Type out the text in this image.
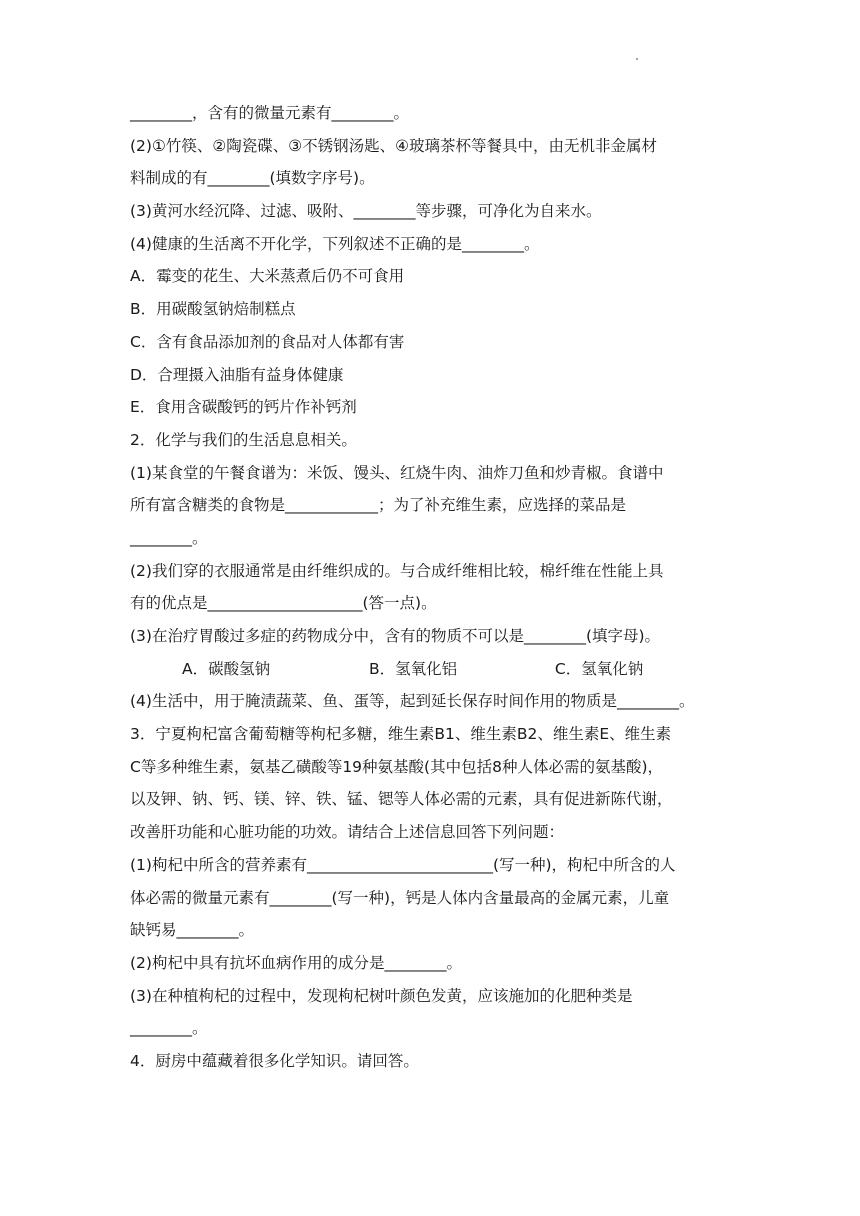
________，含有的微量元素有________。
(2)①竹筷、②陶瓷碟、③不锈钢汤匙、④玻璃茶杯等餐具中，由无机非金属材
料制成的有________(填数字序号)。
(3)黄河水经沉降、过滤、吸附、________等步骤，可净化为自来水。
(4)健康的生活离不开化学，下列叙述不正确的是________。
A．霉变的花生、大米蒸煮后仍不可食用
B．用碳酸氢钠焙制糕点
C．含有食品添加剂的食品对人体都有害
D．合理摄入油脂有益身体健康
E．食用含碳酸钙的钙片作补钙剂
2．化学与我们的生活息息相关。
(1)某食堂的午餐食谱为：米饭、馒头、红烧牛肉、油炸刀鱼和炒青椒。食谱中
所有富含糖类的食物是____________；为了补充维生素，应选择的菜品是
________。
(2)我们穿的衣服通常是由纤维织成的。与合成纤维相比较，棉纤维在性能上具
有的优点是____________________(答一点)。
(3)在治疗胃酸过多症的药物成分中，含有的物质不可以是________(填字母)。
A．碳酸氢钠	B．氢氧化铝	C．氢氧化钠
(4)生活中，用于腌渍蔬菜、鱼、蛋等，起到延长保存时间作用的物质是________。
3．宁夏枸杞富含葡萄糖等枸杞多糖，维生素B1、维生素B2、维生素E、维生素
C等多种维生素，氨基乙磺酸等19种氨基酸(其中包括8种人体必需的氨基酸)，
以及钾、钠、钙、镁、锌、铁、锰、锶等人体必需的元素，具有促进新陈代谢，
改善肝功能和心脏功能的功效。请结合上述信息回答下列问题：
(1)枸杞中所含的营养素有________________________(写一种)，枸杞中所含的人
体必需的微量元素有________(写一种)，钙是人体内含量最高的金属元素，儿童
缺钙易________。
(2)枸杞中具有抗坏血病作用的成分是________。
(3)在种植枸杞的过程中，发现枸杞树叶颜色发黄，应该施加的化肥种类是
________。
4．厨房中蕴藏着很多化学知识。请回答。
